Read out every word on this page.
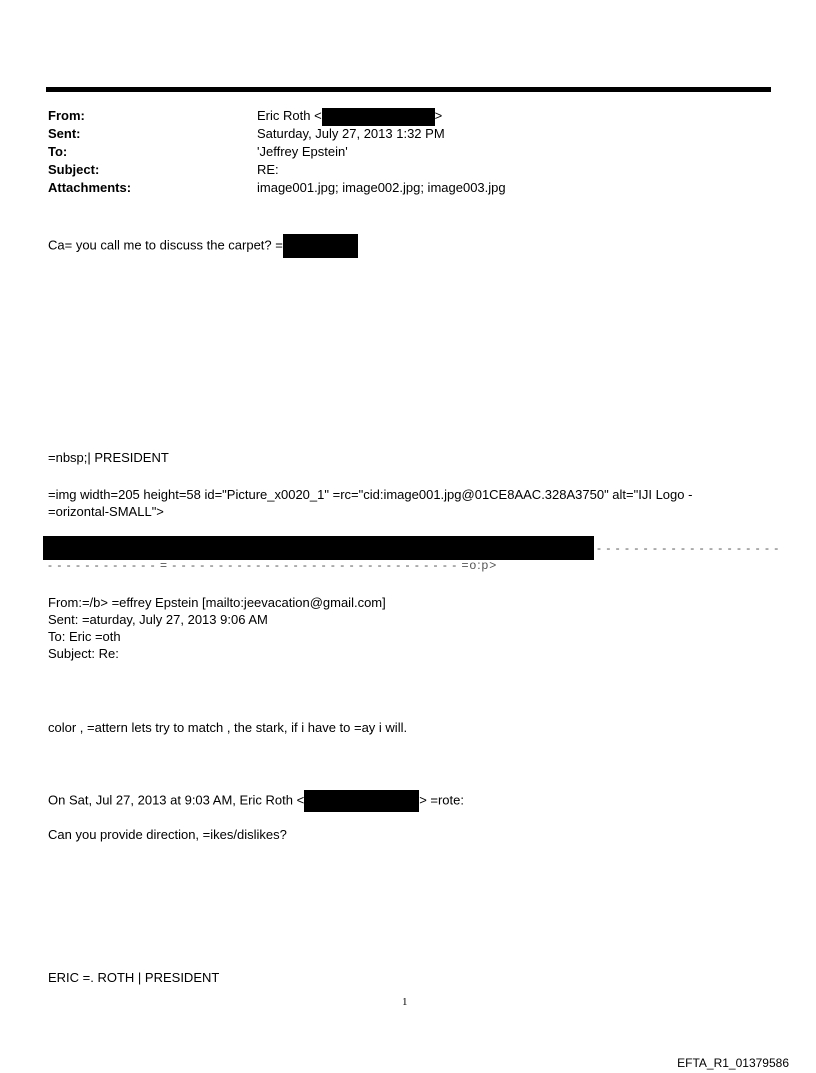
From:
Sent:
To:
Subject:
Attachments:
Eric Roth <	>
Saturday, July 27, 2013 1:32 PM
'Jeffrey Epstein'
RE:
image001.jpg; image002.jpg; image003.jpg
Ca= you call me to discuss the carpet? =
=nbsp;| PRESIDENT
=img width=205 height=58 id="Picture_x0020_1" =rc="cid:image001.jpg@01CE8AAC.328A3750" alt="IJI Logo -
=orizontal-SMALL">
- - - - - - - - - - - - - - - - - - - -
- - - - - - - - - - - - = - - - - - - - - - - - - - - - - - - - - - - - - - - - - - - - =o:p>
From:=/b> =effrey Epstein [mailto:jeevacation@gmail.com]
Sent: =aturday, July 27, 2013 9:06 AM
To: Eric =oth
Subject: Re:
color , =attern lets try to match , the stark, if i have to =ay i will.
On Sat, Jul 27, 2013 at 9:03 AM, Eric Roth <	> =rote:
Can you provide direction, =ikes/dislikes?
ERIC =. ROTH | PRESIDENT
1
EFTA_R1_01379586
